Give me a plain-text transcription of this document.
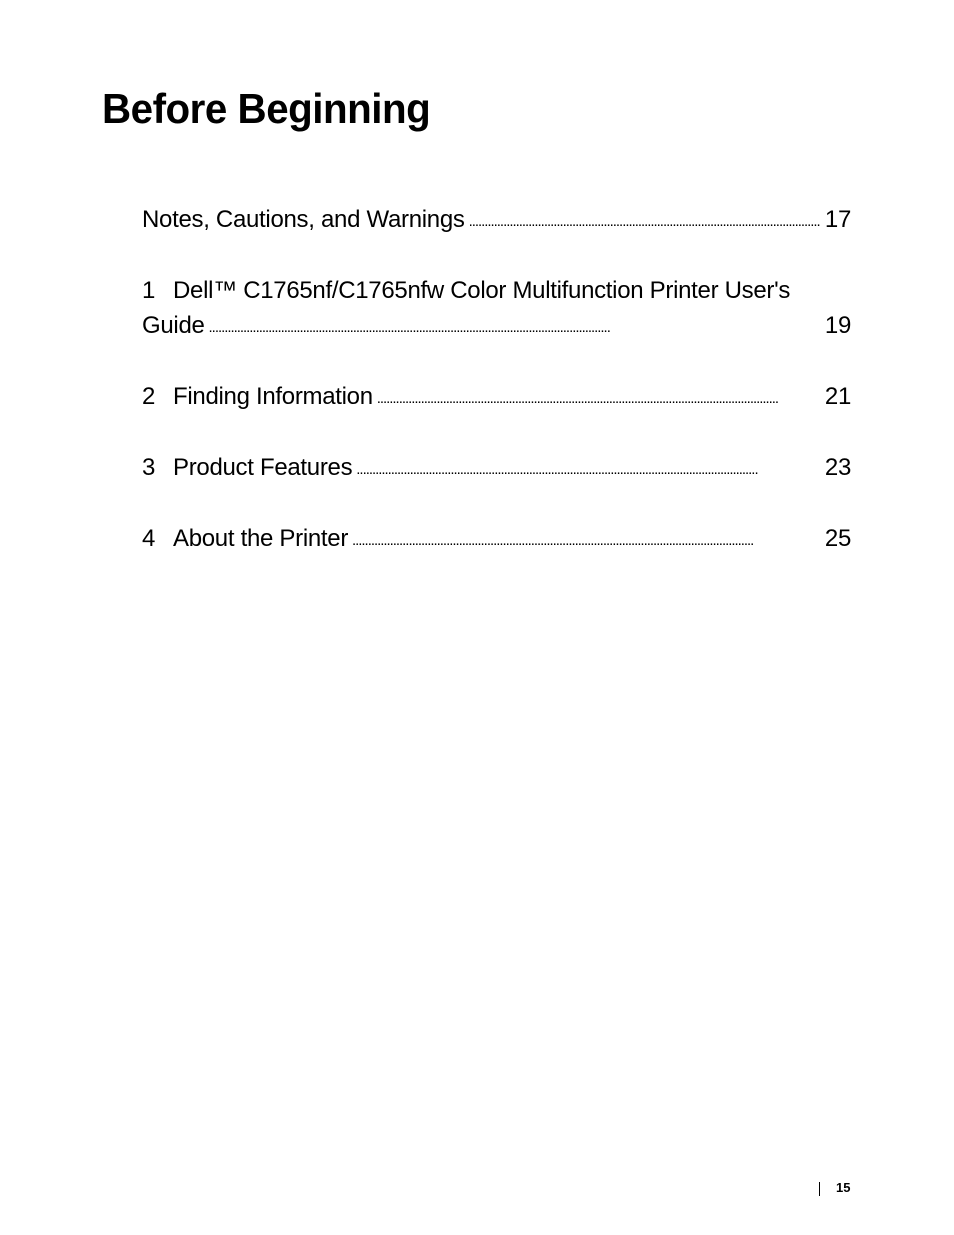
Before Beginning
Notes, Cautions, and Warnings . . .	17
1 Dell™ C1765nf/C1765nfw Color Multifunction Printer User's
Guide . . .	19
2 Finding Information . . .	21
3 Product Features . . .	23
4 About the Printer . . .	25
15
